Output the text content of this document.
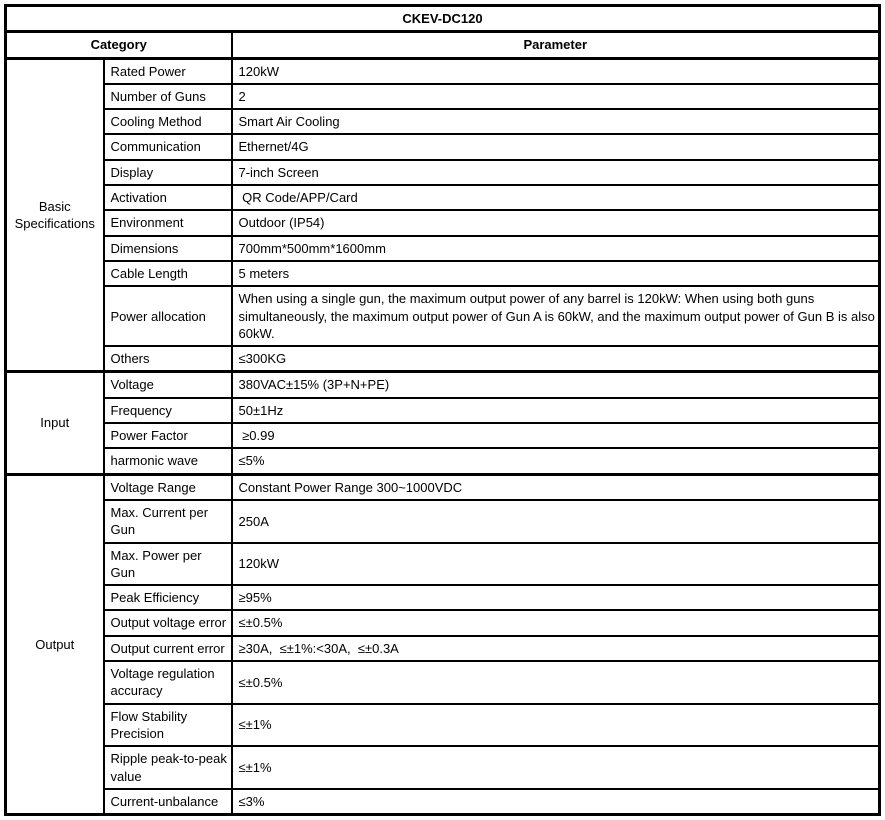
CKEV-DC120		
Category		Parameter
Basic Specifications	Rated Power	120kW
	Number of Guns	2
	Cooling Method	Smart Air Cooling
	Communication	Ethernet/4G
	Display	7-inch Screen
	Activation	QR Code/APP/Card
	Environment	Outdoor (IP54)
	Dimensions	700mm*500mm*1600mm
	Cable Length	5 meters
	Power allocation	When using a single gun, the maximum output power of any barrel is 120kW: When using both guns simultaneously, the maximum output power of Gun A is 60kW, and the maximum output power of Gun B is also 60kW.
	Others	≤300KG
Input	Voltage	380VAC±15% (3P+N+PE)
	Frequency	50±1Hz
	Power Factor	≥0.99
	harmonic wave	≤5%
Output	Voltage Range	Constant Power Range 300~1000VDC
	Max. Current per Gun	250A
	Max. Power per Gun	120kW
	Peak Efficiency	≥95%
	Output voltage error	≤±0.5%
	Output current error	≥30A,  ≤±1%:<30A,  ≤±0.3A
	Voltage regulation accuracy	≤±0.5%
	Flow Stability Precision	≤±1%
	Ripple peak-to-peak value	≤±1%
	Current-unbalance	≤3%
